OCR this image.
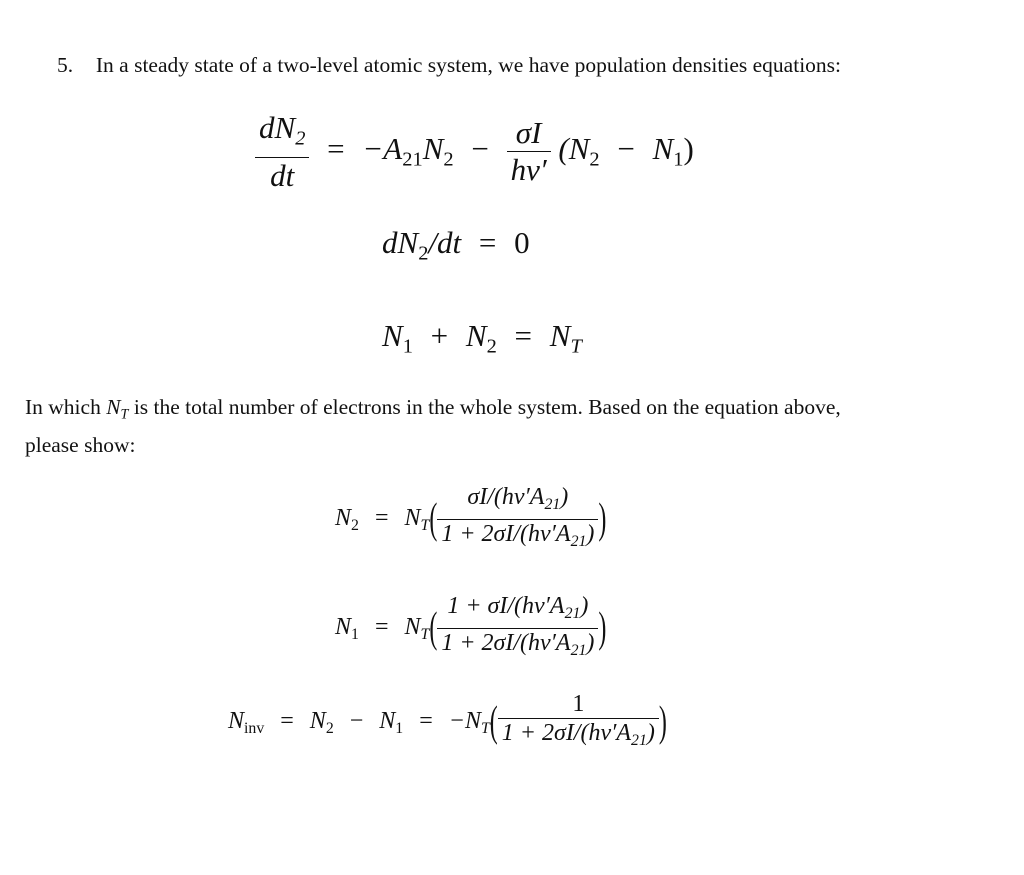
5. In a steady state of a two-level atomic system, we have population densities equations:
$\frac{dN_2}{dt} = -A_{21}N_2 - \frac{\sigma I}{h\nu'} (N_2 - N_1)$
$dN_2/dt = 0$
$N_1 + N_2 = N_T$
In which $N_T$ is the total number of electrons in the whole system. Based on the equation above,
please show:
$N_2 = N_T( \frac{\sigma I/(h\nu'A_{21})}{1 + 2\sigma I/(h\nu'A_{21})}$ )
$N_1 = N_T( \frac{1 + \sigma I/(h\nu'A_{21})}{1 + 2\sigma I/(h\nu'A_{21})}$ )
$N_{inv} = N_2 - N_1 = -N_T( \frac{1}{1 + 2\sigma I/(h\nu'A_{21})}$ )
